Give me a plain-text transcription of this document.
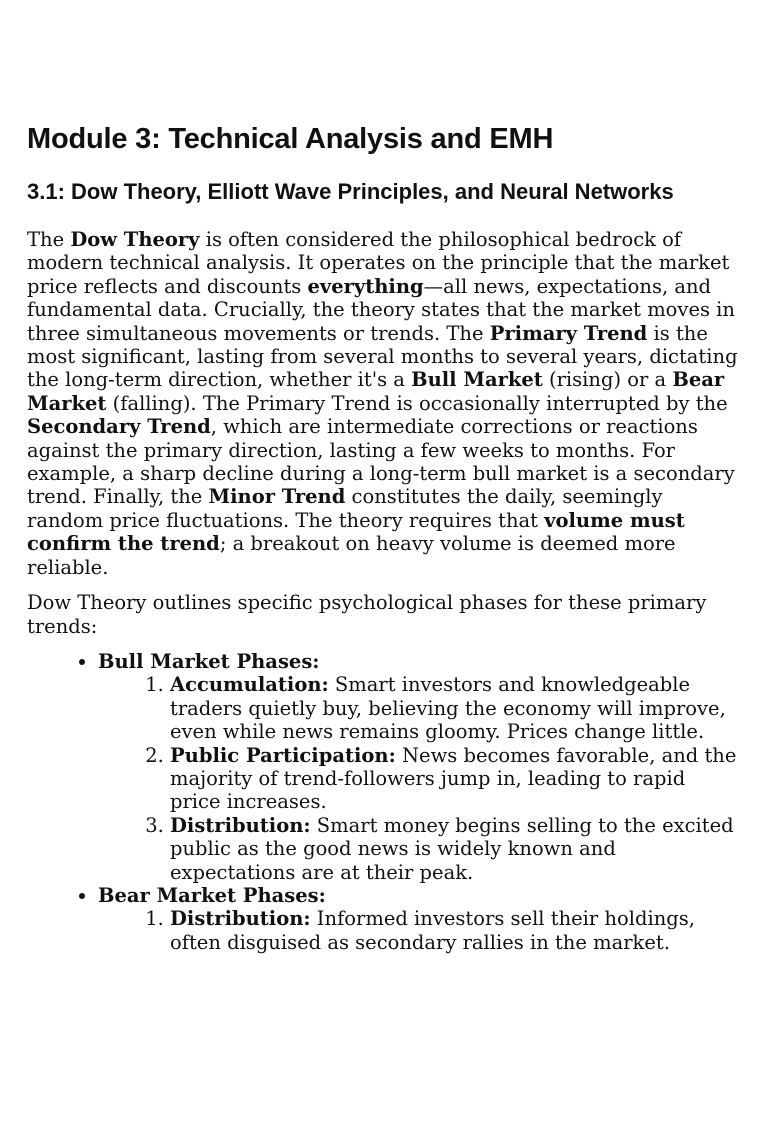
Module 3: Technical Analysis and EMH
3.1: Dow Theory, Elliott Wave Principles, and Neural Networks

The Dow Theory is often considered the philosophical bedrock of modern technical analysis. It operates on the principle that the market price reflects and discounts everything—all news, expectations, and fundamental data. Crucially, the theory states that the market moves in three simultaneous movements or trends. The Primary Trend is the most significant, lasting from several months to several years, dictating the long-term direction, whether it's a Bull Market (rising) or a Bear Market (falling). The Primary Trend is occasionally interrupted by the Secondary Trend, which are intermediate corrections or reactions against the primary direction, lasting a few weeks to months. For example, a sharp decline during a long-term bull market is a secondary trend. Finally, the Minor Trend constitutes the daily, seemingly random price fluctuations. The theory requires that volume must confirm the trend; a breakout on heavy volume is deemed more reliable.

Dow Theory outlines specific psychological phases for these primary trends:

• Bull Market Phases:
1. Accumulation: Smart investors and knowledgeable traders quietly buy, believing the economy will improve, even while news remains gloomy. Prices change little.
2. Public Participation: News becomes favorable, and the majority of trend-followers jump in, leading to rapid price increases.
3. Distribution: Smart money begins selling to the excited public as the good news is widely known and expectations are at their peak.
• Bear Market Phases:
1. Distribution: Informed investors sell their holdings, often disguised as secondary rallies in the market.
